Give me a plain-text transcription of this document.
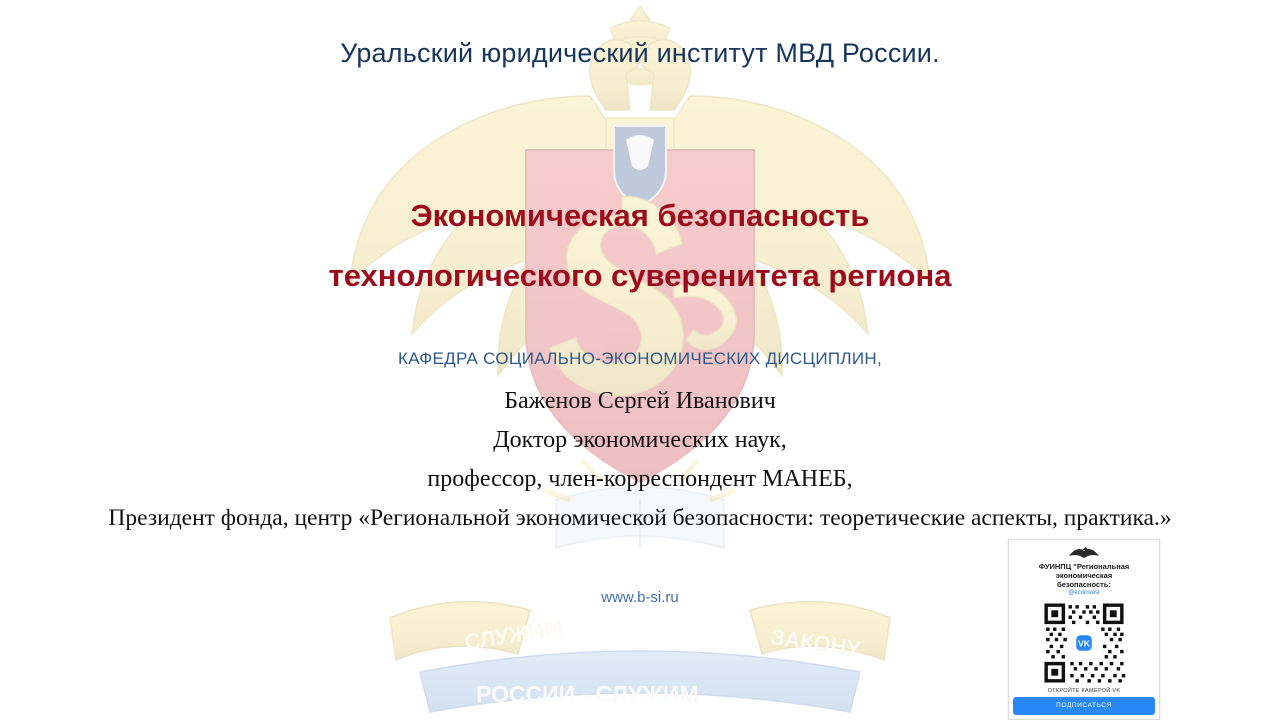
СЛУЖИМ	ЗАКОНУ
РОССИИ - СЛУЖИМ
Уральский юридический институт МВД России.
Экономическая безопасность
технологического суверенитета региона
КАФЕДРА СОЦИАЛЬНО-ЭКОНОМИЧЕСКИХ ДИСЦИПЛИН,
Баженов Сергей Иванович
Доктор экономических наук,
профессор, член-корреспондент МАНЕБ,
Президент фонда, центр «Региональной экономической безопасности: теоретические аспекты, практика.»
www.b-si.ru
ФУИНПЦ "Региональная
экономическая
безопасность:
@ecoinvest
VK
ОТКРОЙТЕ КАМЕРОЙ VK
ПОДПИСАТЬСЯ
